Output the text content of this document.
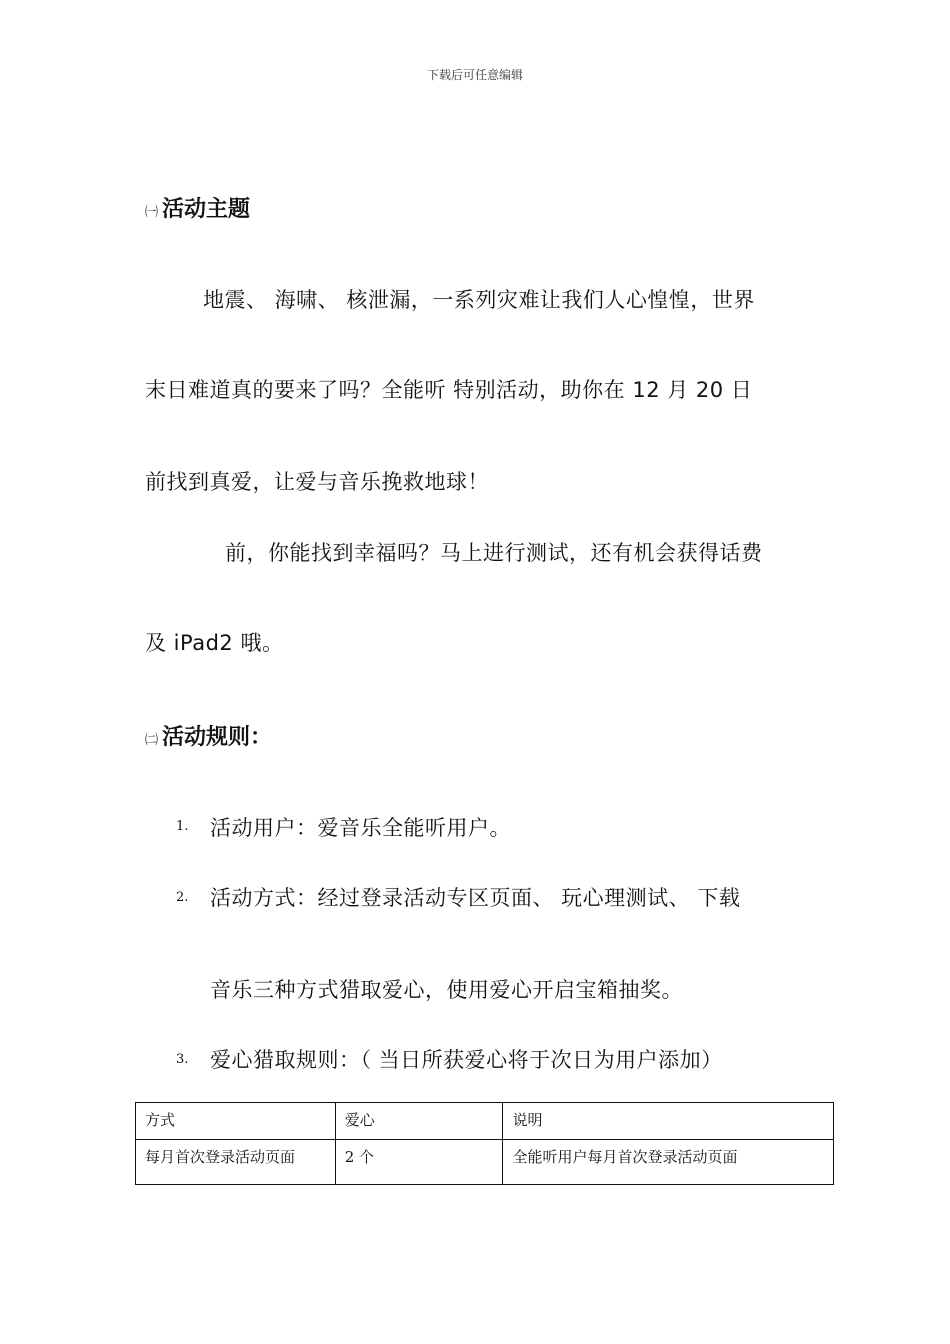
下载后可任意编辑
㈠ 活动主题
地震、 海啸、 核泄漏，一系列灾难让我们人心惶惶，世界
末日难道真的要来了吗？全能听 特别活动，助你在 12 月 20 日
前找到真爱，让爱与音乐挽救地球！
前，你能找到幸福吗？马上进行测试，还有机会获得话费
及 iPad2 哦。
㈡ 活动规则：
1. 活动用户：爱音乐全能听用户。
2. 活动方式：经过登录活动专区页面、 玩心理测试、 下载
音乐三种方式猎取爱心，使用爱心开启宝箱抽奖。
3. 爱心猎取规则：（ 当日所获爱心将于次日为用户添加）
方式	爱心	说明
每月首次登录活动页面	2 个	全能听用户每月首次登录活动页面
